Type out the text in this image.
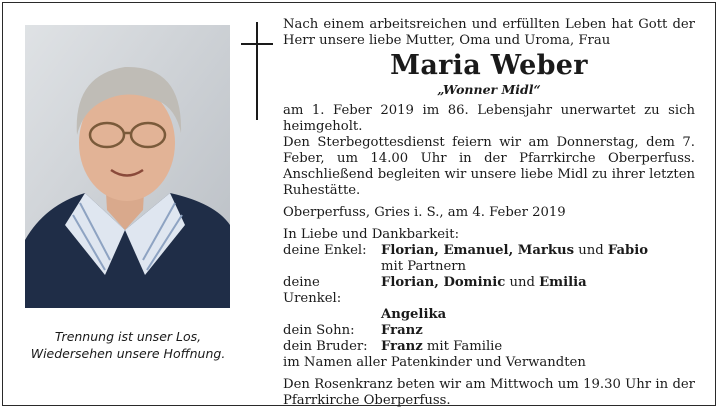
Trennung ist unser Los,
Wiedersehen unsere Hoffnung.

Nach einem arbeitsreichen und erfüllten Leben hat Gott der Herr unsere liebe Mutter, Oma und Uroma, Frau

Maria Weber
„Wonner Midl“

am 1. Feber 2019 im 86. Lebensjahr unerwartet zu sich heimgeholt.

Den Sterbegottesdienst feiern wir am Donnerstag, dem 7. Feber, um 14.00 Uhr in der Pfarrkirche Oberperfuss. Anschließend begleiten wir unsere liebe Midl zu ihrer letzten Ruhestätte.

Oberperfuss, Gries i. S., am 4. Feber 2019

In Liebe und Dankbarkeit:

deine Enkel:	Florian, Emanuel, Markus und Fabio
mit Partnern
deine Urenkel:
Florian, Dominic und Emilia
Angelika
dein Sohn:	Franz
dein Bruder:	Franz mit Familie

im Namen aller Patenkinder und Verwandten

Den Rosenkranz beten wir am Mittwoch um 19.30 Uhr in der Pfarrkirche Oberperfuss.
